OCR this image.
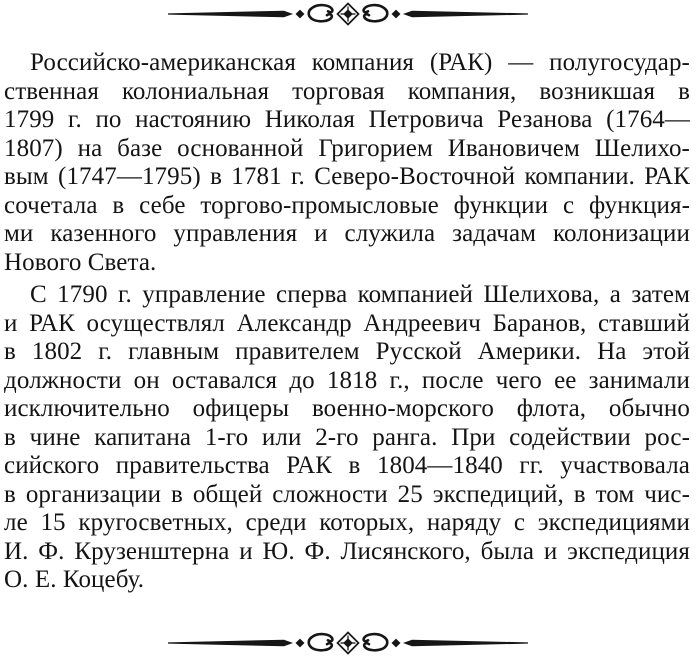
Российско-американская компания (РАК) — полугосудар-
ственная колониальная торговая компания, возникшая в
1799 г. по настоянию Николая Петровича Резанова (1764—
1807) на базе основанной Григорием Ивановичем Шелихо-
вым (1747—1795) в 1781 г. Северо-Восточной компании. РАК
сочетала в себе торгово-промысловые функции с функция-
ми казенного управления и служила задачам колонизации
Нового Света.
С 1790 г. управление сперва компанией Шелихова, а затем
и РАК осуществлял Александр Андреевич Баранов, ставший
в 1802 г. главным правителем Русской Америки. На этой
должности он оставался до 1818 г., после чего ее занимали
исключительно офицеры военно-морского флота, обычно
в чине капитана 1-го или 2-го ранга. При содействии рос-
сийского правительства РАК в 1804—1840 гг. участвовала
в организации в общей сложности 25 экспедиций, в том чис-
ле 15 кругосветных, среди которых, наряду с экспедициями
И. Ф. Крузенштерна и Ю. Ф. Лисянского, была и экспедиция
О. Е. Коцебу.
